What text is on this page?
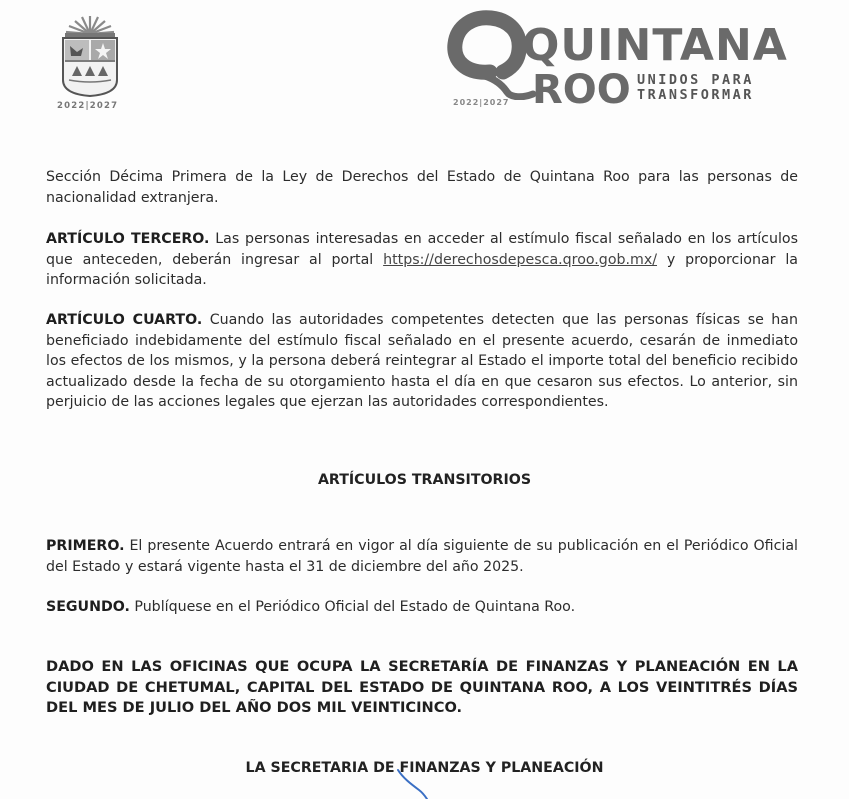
2022|2027
QUINTANA
ROO UNIDOS PARA
TRANSFORMAR
2022|2027
Sección Décima Primera de la Ley de Derechos del Estado de Quintana Roo para las personas de nacionalidad extranjera.
ARTÍCULO TERCERO. Las personas interesadas en acceder al estímulo fiscal señalado en los artículos que anteceden, deberán ingresar al portal https://derechosdepesca.qroo.gob.mx/ y proporcionar la información solicitada.
ARTÍCULO CUARTO. Cuando las autoridades competentes detecten que las personas físicas se han beneficiado indebidamente del estímulo fiscal señalado en el presente acuerdo, cesarán de inmediato los efectos de los mismos, y la persona deberá reintegrar al Estado el importe total del beneficio recibido actualizado desde la fecha de su otorgamiento hasta el día en que cesaron sus efectos. Lo anterior, sin perjuicio de las acciones legales que ejerzan las autoridades correspondientes.
ARTÍCULOS TRANSITORIOS
PRIMERO. El presente Acuerdo entrará en vigor al día siguiente de su publicación en el Periódico Oficial del Estado y estará vigente hasta el 31 de diciembre del año 2025.
SEGUNDO. Publíquese en el Periódico Oficial del Estado de Quintana Roo.
DADO EN LAS OFICINAS QUE OCUPA LA SECRETARÍA DE FINANZAS Y PLANEACIÓN EN LA CIUDAD DE CHETUMAL, CAPITAL DEL ESTADO DE QUINTANA ROO, A LOS VEINTITRÉS DÍAS DEL MES DE JULIO DEL AÑO DOS MIL VEINTICINCO.
LA SECRETARIA DE FINANZAS Y PLANEACIÓN
